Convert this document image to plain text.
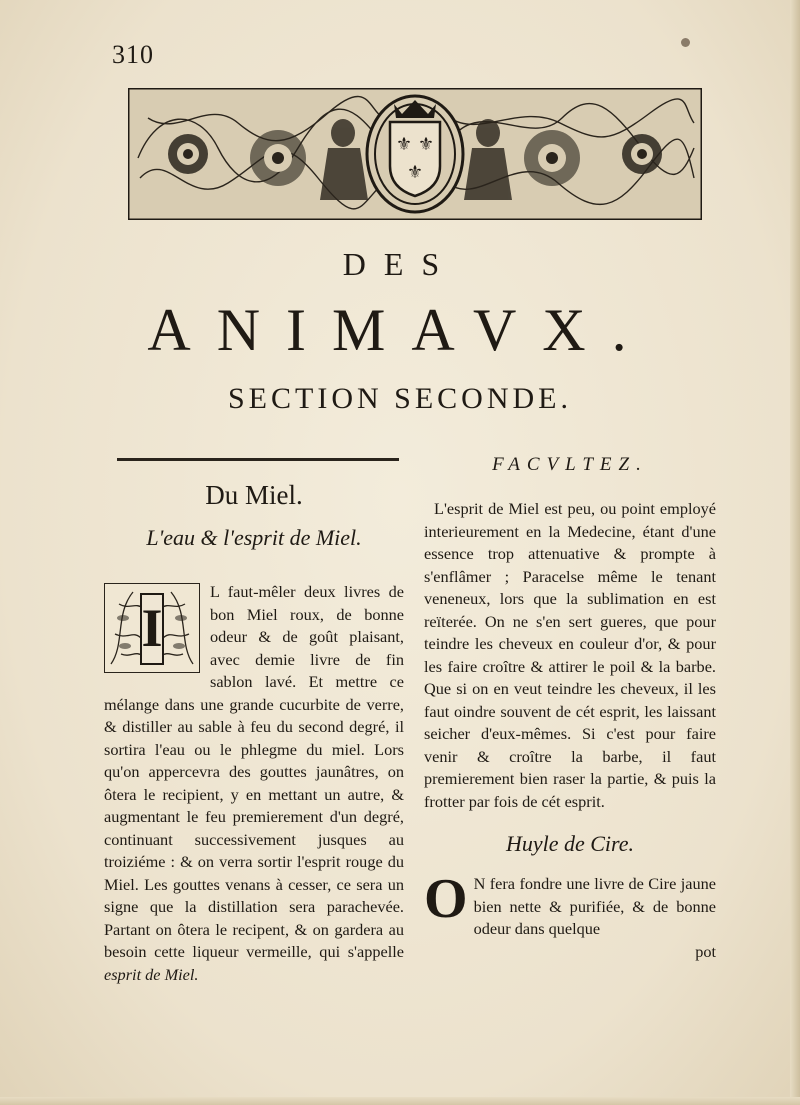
310
⚜ ⚜
⚜
DES
ANIMAVX.
SECTION SECONDE.
Du Miel.
L'eau & l'esprit de Miel.

I
L faut-mêler deux livres de bon Miel roux, de bonne odeur & de goût plaisant, avec demie livre de fin sablon lavé. Et mettre ce mélange dans une grande cucurbite de verre, & distiller au sable à feu du second degré, il sortira l'eau ou le phlegme du miel. Lors qu'on appercevra des gouttes jaunâtres, on ôtera le recipient, y en mettant un autre, & augmentant le feu premierement d'un degré, continuant successivement jusques au troiziéme : & on verra sortir l'esprit rouge du Miel. Les gouttes venans à cesser, ce sera un signe que la distillation sera parachevée. Partant on ôtera le recipent, & on gardera au besoin cette liqueur vermeille, qui s'appelle esprit de Miel.

FACVLTEZ.

L'esprit de Miel est peu, ou point employé interieurement en la Medecine, étant d'une essence trop attenuative & prompte à s'enflâmer ; Paracelse même le tenant veneneux, lors que la sublimation en est reïterée. On ne s'en sert gueres, que pour teindre les cheveux en couleur d'or, & pour les faire croître & attirer le poil & la barbe. Que si on en veut teindre les cheveux, il les faut oindre souvent de cét esprit, les laissant seicher d'eux-mêmes. Si c'est pour faire venir & croître la barbe, il faut premierement bien raser la partie, & puis la frotter par fois de cét esprit.

Huyle de Cire.

O N fera fondre une livre de Cire jaune bien nette & purifiée, & de bonne odeur dans quelque

pot
